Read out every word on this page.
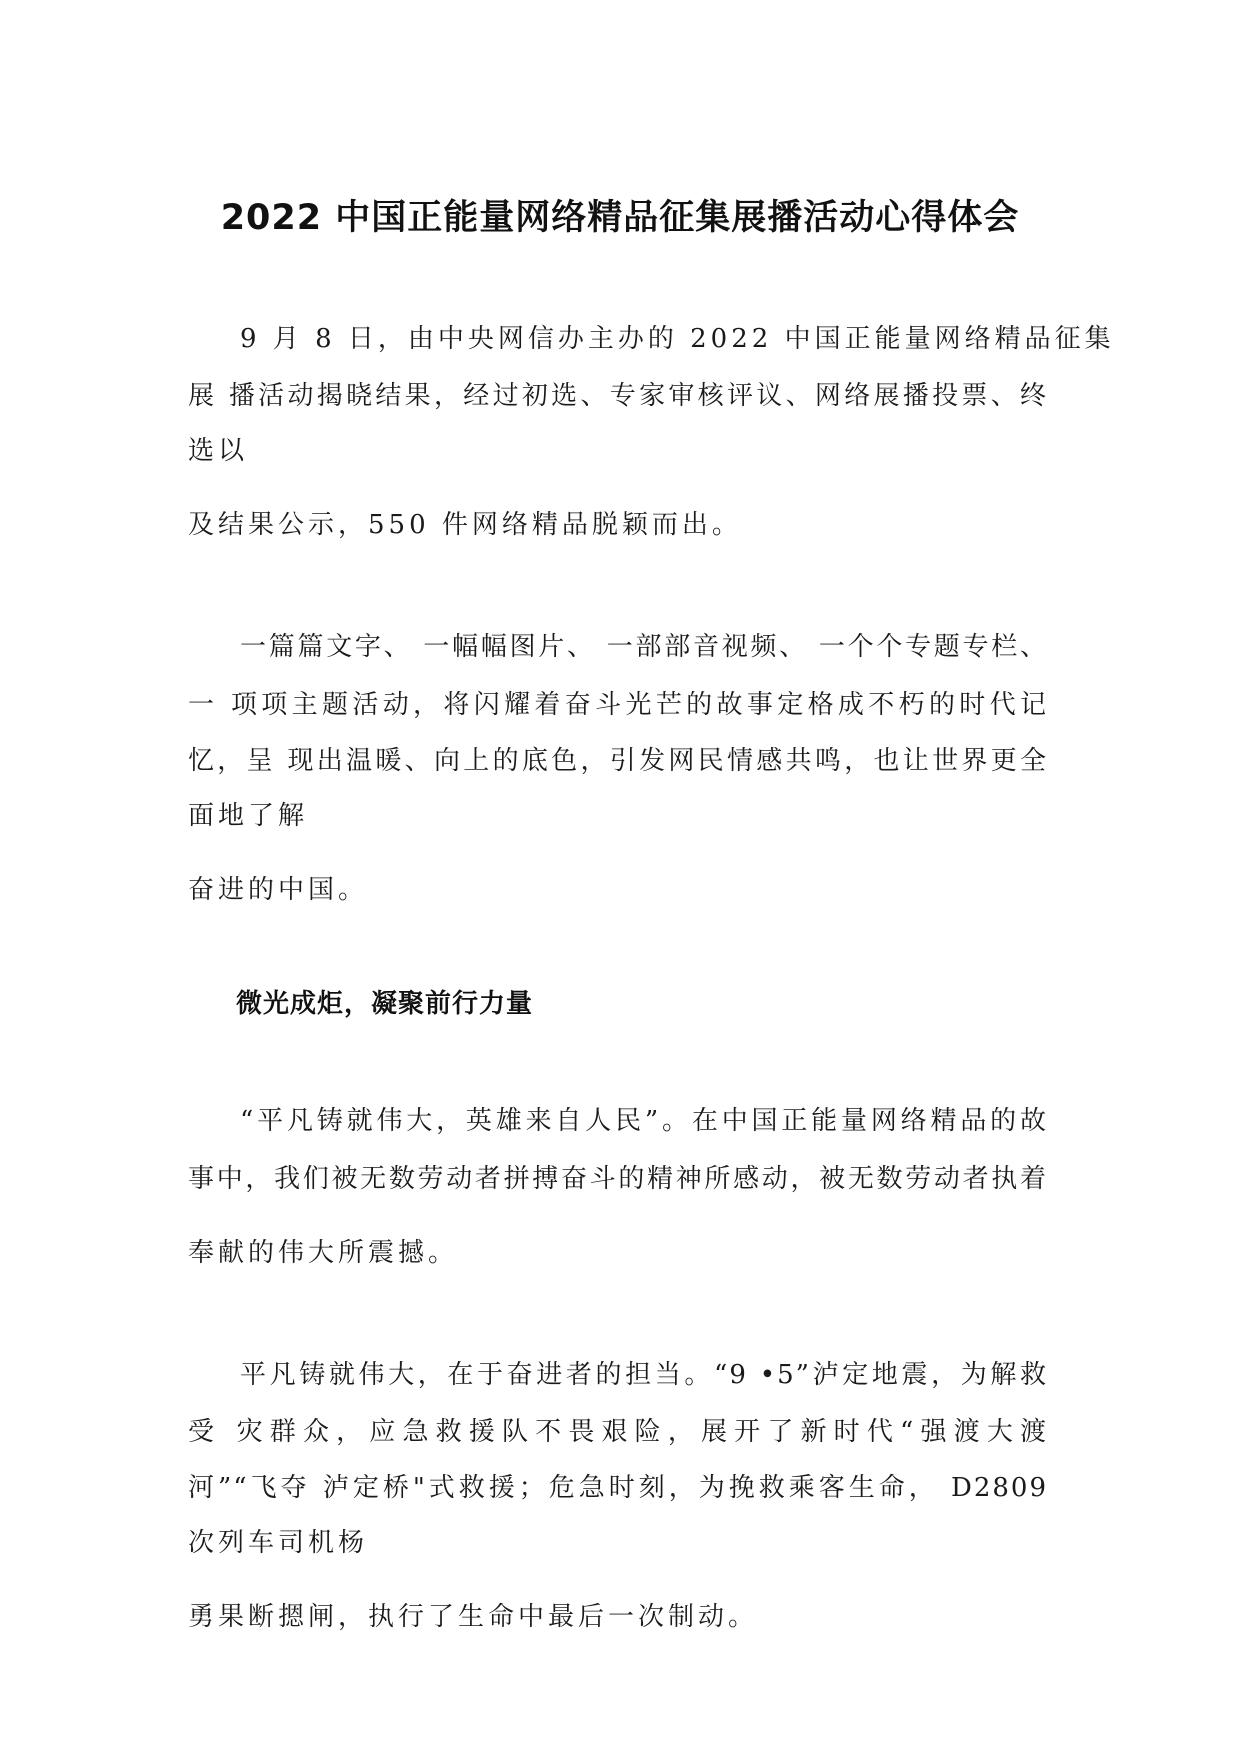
2022 中国正能量网络精品征集展播活动心得体会
9 月 8 日，由中央网信办主办的 2022 中国正能量网络精品征集
展 播活动揭晓结果，经过初选、专家审核评议、网络展播投票、终
选以
及结果公示，550 件网络精品脱颖而出。
一篇篇文字、 一幅幅图片、 一部部音视频、 一个个专题专栏、
一 项项主题活动，将闪耀着奋斗光芒的故事定格成不朽的时代记
忆，呈 现出温暖、向上的底色，引发网民情感共鸣，也让世界更全
面地了解
奋进的中国。
微光成炬，凝聚前行力量
“平凡铸就伟大，英雄来自人民”。在中国正能量网络精品的故
事中，我们被无数劳动者拼搏奋斗的精神所感动，被无数劳动者执着
奉献的伟大所震撼。
平凡铸就伟大，在于奋进者的担当。“9 •5”泸定地震，为解救
受 灾群众，应急救援队不畏艰险，展开了新时代“强渡大渡
河”“飞夺 泸定桥"式救援；危急时刻，为挽救乘客生命， D2809
次列车司机杨
勇果断摁闸，执行了生命中最后一次制动。
